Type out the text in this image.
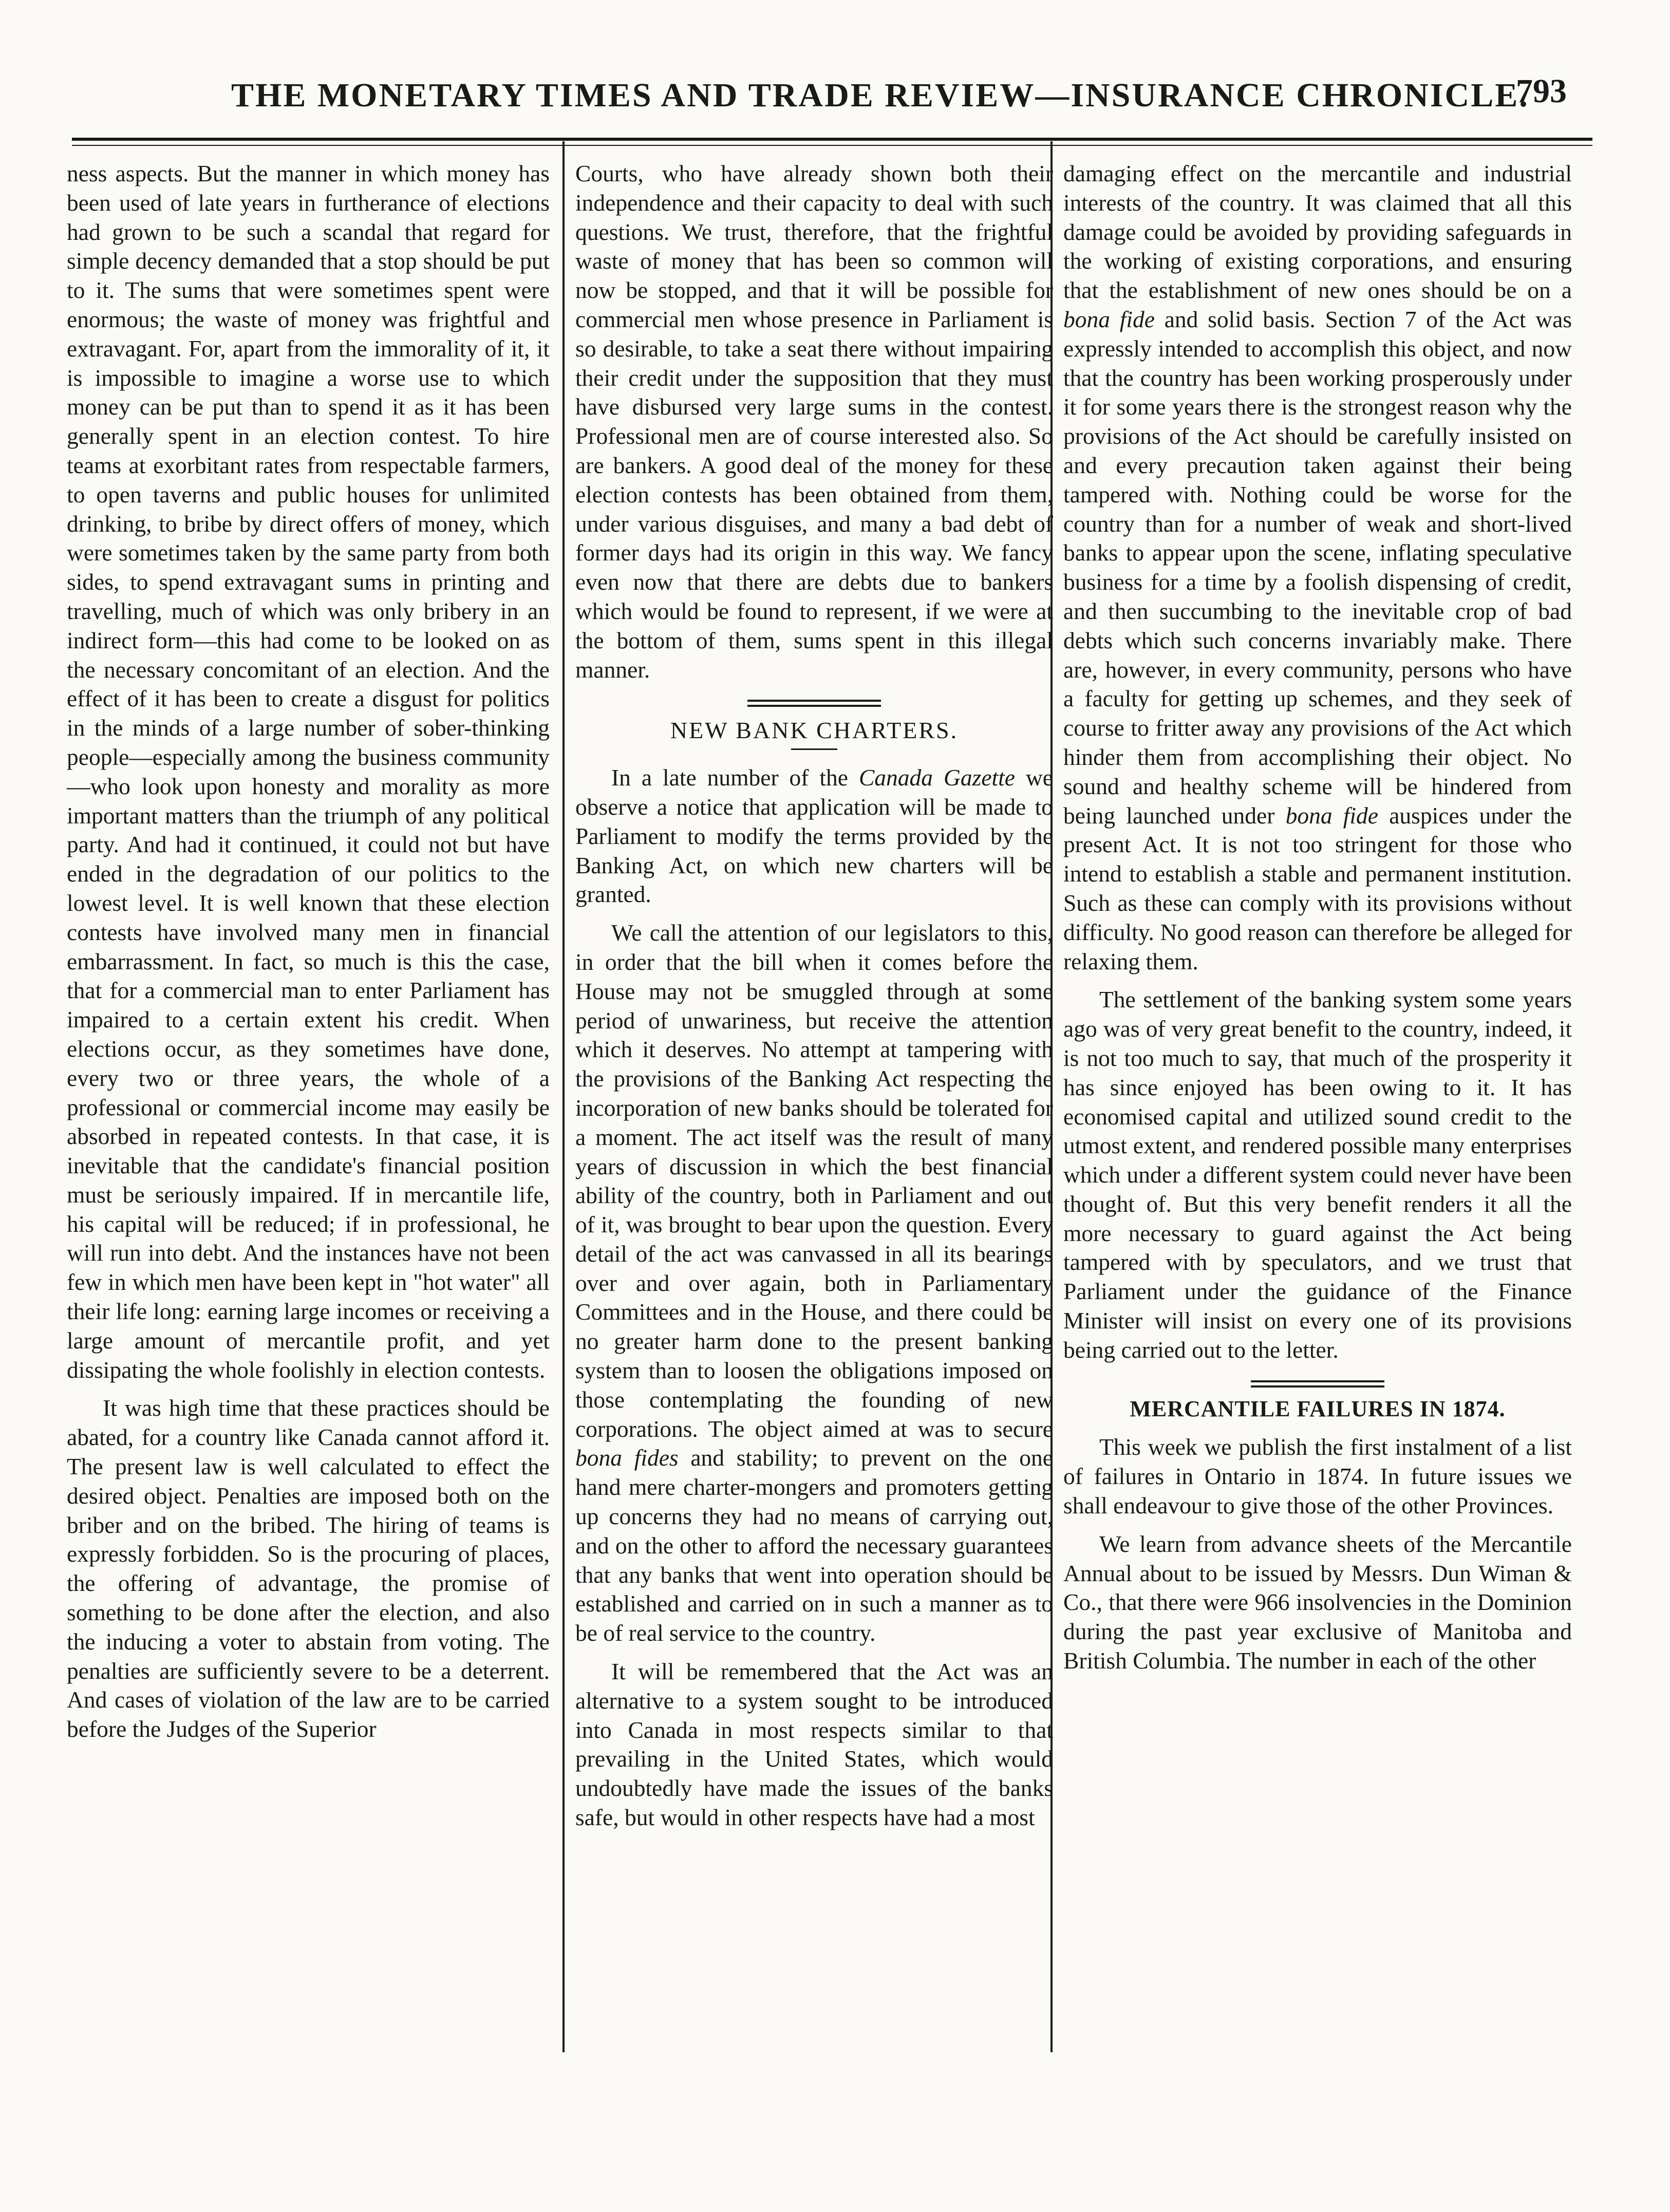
THE MONETARY TIMES AND TRADE REVIEW—INSURANCE CHRONICLE.
793

ness aspects. But the manner in which money has been used of late years in furtherance of elections had grown to be such a scandal that regard for simple decency demanded that a stop should be put to it. The sums that were sometimes spent were enormous; the waste of money was frightful and extravagant. For, apart from the immorality of it, it is impossible to imagine a worse use to which money can be put than to spend it as it has been generally spent in an election contest. To hire teams at exorbitant rates from respectable farmers, to open taverns and public houses for unlimited drinking, to bribe by direct offers of money, which were sometimes taken by the same party from both sides, to spend extravagant sums in printing and travelling, much of which was only bribery in an indirect form—this had come to be looked on as the necessary concomitant of an election. And the effect of it has been to create a disgust for politics in the minds of a large number of sober-thinking people—especially among the business community—who look upon honesty and morality as more important matters than the triumph of any political party. And had it continued, it could not but have ended in the degradation of our politics to the lowest level. It is well known that these election contests have involved many men in financial embarrassment. In fact, so much is this the case, that for a commercial man to enter Parliament has impaired to a certain extent his credit. When elections occur, as they sometimes have done, every two or three years, the whole of a professional or commercial income may easily be absorbed in repeated contests. In that case, it is inevitable that the candidate's financial position must be seriously impaired. If in mercantile life, his capital will be reduced; if in professional, he will run into debt. And the instances have not been few in which men have been kept in "hot water" all their life long: earning large incomes or receiving a large amount of mercantile profit, and yet dissipating the whole foolishly in election contests.

It was high time that these practices should be abated, for a country like Canada cannot afford it. The present law is well calculated to effect the desired object. Penalties are imposed both on the briber and on the bribed. The hiring of teams is expressly forbidden. So is the procuring of places, the offering of advantage, the promise of something to be done after the election, and also the inducing a voter to abstain from voting. The penalties are sufficiently severe to be a deterrent. And cases of violation of the law are to be carried before the Judges of the Superior

Courts, who have already shown both their independence and their capacity to deal with such questions. We trust, therefore, that the frightful waste of money that has been so common will now be stopped, and that it will be possible for commercial men whose presence in Parliament is so desirable, to take a seat there without impairing their credit under the supposition that they must have disbursed very large sums in the contest. Professional men are of course interested also. So are bankers. A good deal of the money for these election contests has been obtained from them, under various disguises, and many a bad debt of former days had its origin in this way. We fancy even now that there are debts due to bankers which would be found to represent, if we were at the bottom of them, sums spent in this illegal manner.

NEW BANK CHARTERS.

In a late number of the Canada Gazette we observe a notice that application will be made to Parliament to modify the terms provided by the Banking Act, on which new charters will be granted.

We call the attention of our legislators to this, in order that the bill when it comes before the House may not be smuggled through at some period of unwariness, but receive the attention which it deserves. No attempt at tampering with the provisions of the Banking Act respecting the incorporation of new banks should be tolerated for a moment. The act itself was the result of many years of discussion in which the best financial ability of the country, both in Parliament and out of it, was brought to bear upon the question. Every detail of the act was canvassed in all its bearings over and over again, both in Parliamentary Committees and in the House, and there could be no greater harm done to the present banking system than to loosen the obligations imposed on those contemplating the founding of new corporations. The object aimed at was to secure bona fides and stability; to prevent on the one hand mere charter-mongers and promoters getting up concerns they had no means of carrying out, and on the other to afford the necessary guarantees that any banks that went into operation should be established and carried on in such a manner as to be of real service to the country.

It will be remembered that the Act was an alternative to a system sought to be introduced into Canada in most respects similar to that prevailing in the United States, which would undoubtedly have made the issues of the banks safe, but would in other respects have had a most

damaging effect on the mercantile and industrial interests of the country. It was claimed that all this damage could be avoided by providing safeguards in the working of existing corporations, and ensuring that the establishment of new ones should be on a bona fide and solid basis. Section 7 of the Act was expressly intended to accomplish this object, and now that the country has been working prosperously under it for some years there is the strongest reason why the provisions of the Act should be carefully insisted on and every precaution taken against their being tampered with. Nothing could be worse for the country than for a number of weak and short-lived banks to appear upon the scene, inflating speculative business for a time by a foolish dispensing of credit, and then succumbing to the inevitable crop of bad debts which such concerns invariably make. There are, however, in every community, persons who have a faculty for getting up schemes, and they seek of course to fritter away any provisions of the Act which hinder them from accomplishing their object. No sound and healthy scheme will be hindered from being launched under bona fide auspices under the present Act. It is not too stringent for those who intend to establish a stable and permanent institution. Such as these can comply with its provisions without difficulty. No good reason can therefore be alleged for relaxing them.

The settlement of the banking system some years ago was of very great benefit to the country, indeed, it is not too much to say, that much of the prosperity it has since enjoyed has been owing to it. It has economised capital and utilized sound credit to the utmost extent, and rendered possible many enterprises which under a different system could never have been thought of. But this very benefit renders it all the more necessary to guard against the Act being tampered with by speculators, and we trust that Parliament under the guidance of the Finance Minister will insist on every one of its provisions being carried out to the letter.

MERCANTILE FAILURES IN 1874.

This week we publish the first instalment of a list of failures in Ontario in 1874. In future issues we shall endeavour to give those of the other Provinces.

We learn from advance sheets of the Mercantile Annual about to be issued by Messrs. Dun Wiman & Co., that there were 966 insolvencies in the Dominion during the past year exclusive of Manitoba and British Columbia. The number in each of the other
